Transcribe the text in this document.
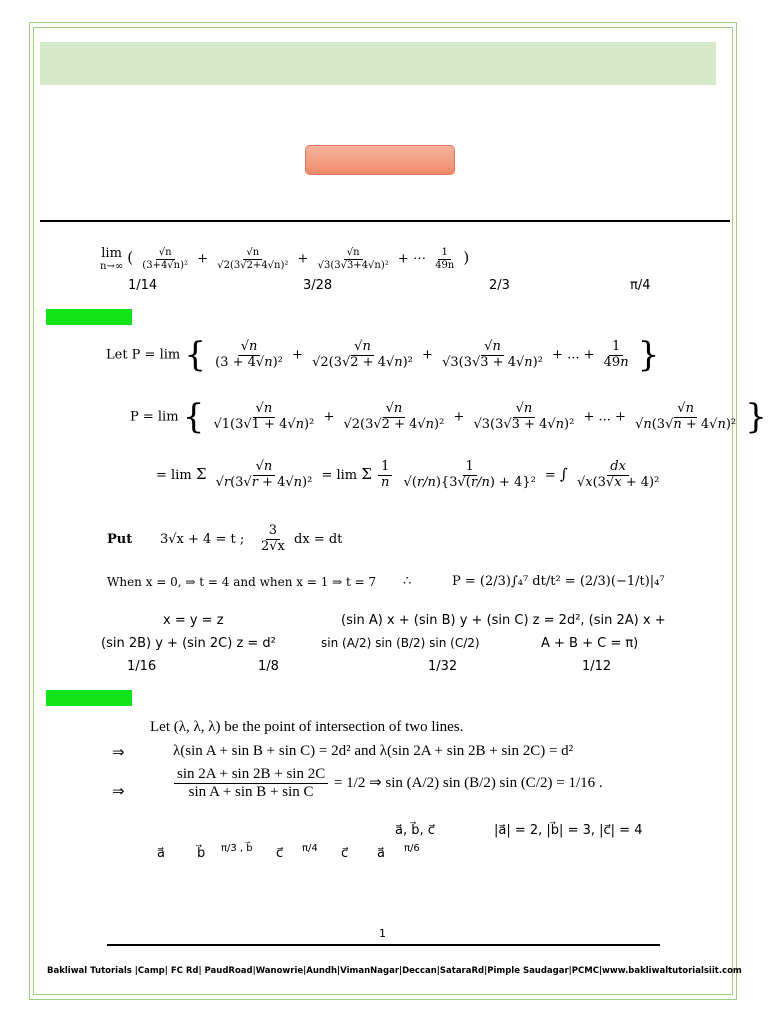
lim
n→∞ ( $\frac{√n}{\text{(3+4√n)²}} + \frac{√n}{\text{√2(3√2+4√n)²}} + \frac{√n}{\text{√3(3√3+4√n)²}}$ + ⋯ $\frac{1}{49n}$ )
1/14	3/28	2/3	π/4
Let P = lim { $\frac{√n}{\text{(3 + 4√n)²}} + \frac{√n}{\text{√2(3√2 + 4√n)²}} + \frac{√n}{\text{√3(3√3 + 4√n)²}}$ + ... + $\frac{1}{49n}$ }
P = lim { $\frac{√n}{\text{√1(3√1 + 4√n)²}} + \frac{√n}{\text{√2(3√2 + 4√n)²}} + \frac{√n}{\text{√3(3√3 + 4√n)²}}$ + ... + $\frac{√n}{\text{√n(3√n + 4√n)²}}$ }
= lim Σ $\frac{√n}{\text{√r(3√r + 4√n)²}} = \lim \Sigma \frac{1}{n}$
$\frac{1}{\text{√(r/n)\{3√(r/n) + 4\}²}}$ = ∫ $\frac{dx}{\text{√x(3√x + 4)²}}$
Put 3√x + 4 = t ; $\frac{3}{2√x}$ dx = dt
When x = 0, ⇒ t = 4 and when x = 1 ⇒ t = 7 ∴	P = (2/3)∫₄⁷ dt/t² = (2/3)(−1/t)|₄⁷
x = y = z	(sin A) x + (sin B) y + (sin C) z = 2d², (sin 2A) x +
(sin 2B) y + (sin 2C) z = d²	sin (A/2) sin (B/2) sin (C/2)	A + B + C = π)
1/16	1/8	1/32	1/12
Let (λ, λ, λ) be the point of intersection of two lines.
⇒	λ(sin A + sin B + sin C) = 2d² and λ(sin 2A + sin 2B + sin 2C) = d²
⇒	$\frac{\sin 2A + \sin 2B + \sin 2C}{\text{sin A + sin B + sin C}} = 1/2$ ⇒ sin (A/2) sin (B/2) sin (C/2) = 1/16 .
a⃗, b⃗, c⃗	|a⃗| = 2, |b⃗| = 3, |c⃗| = 4
a⃗ b⃗ π/3 , b⃗ c⃗ π/4 c⃗ a⃗ π/6
1
Bakliwal Tutorials |Camp| FC Rd| PaudRoad|Wanowrie|Aundh|VimanNagar|Deccan|SataraRd|Pimple Saudagar|PCMC|www.bakliwaltutorialsiit.com
